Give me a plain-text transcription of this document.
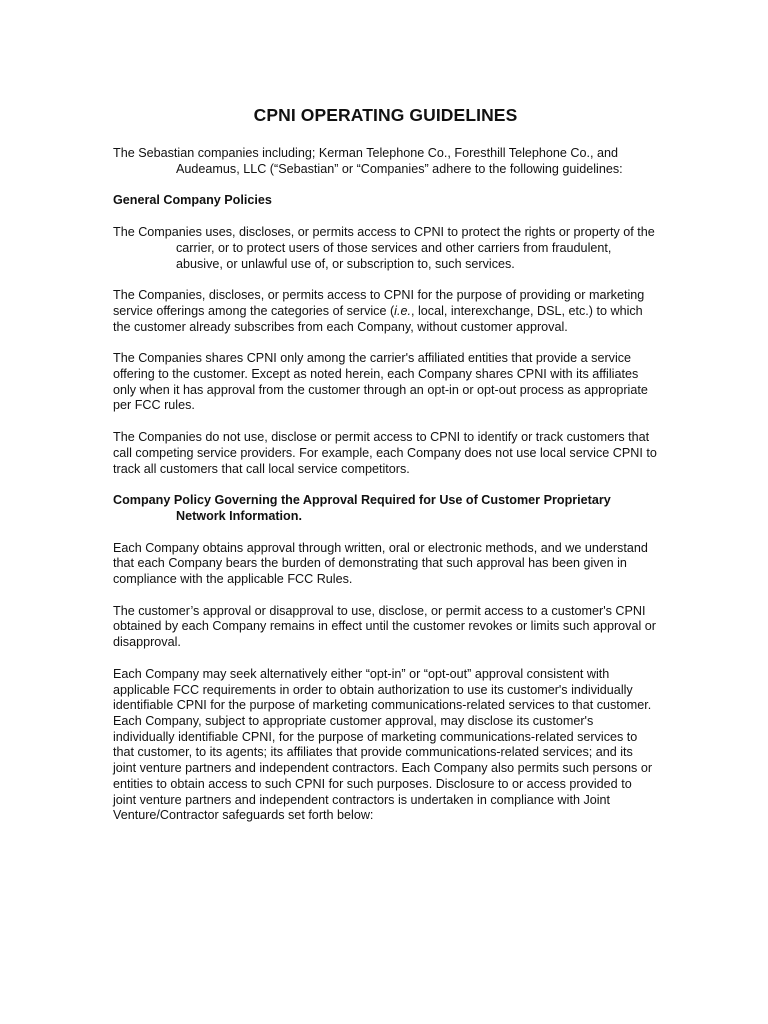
CPNI OPERATING GUIDELINES

The Sebastian companies including; Kerman Telephone Co., Foresthill Telephone Co., and Audeamus, LLC (“Sebastian” or “Companies” adhere to the following guidelines:

General Company Policies

The Companies uses, discloses, or permits access to CPNI to protect the rights or property of the carrier, or to protect users of those services and other carriers from fraudulent, abusive, or unlawful use of, or subscription to, such services.

The Companies, discloses, or permits access to CPNI for the purpose of providing or marketing service offerings among the categories of service (i.e., local, interexchange, DSL, etc.) to which the customer already subscribes from each Company, without customer approval.

The Companies shares CPNI only among the carrier's affiliated entities that provide a service offering to the customer. Except as noted herein, each Company shares CPNI with its affiliates only when it has approval from the customer through an opt-in or opt-out process as appropriate per FCC rules.

The Companies do not use, disclose or permit access to CPNI to identify or track customers that call competing service providers. For example, each Company does not use local service CPNI to track all customers that call local service competitors.

Company Policy Governing the Approval Required for Use of Customer Proprietary Network Information.

Each Company obtains approval through written, oral or electronic methods, and we understand that each Company bears the burden of demonstrating that such approval has been given in compliance with the applicable FCC Rules.

The customer’s approval or disapproval to use, disclose, or permit access to a customer's CPNI obtained by each Company remains in effect until the customer revokes or limits such approval or disapproval.

Each Company may seek alternatively either “opt-in” or “opt-out” approval consistent with applicable FCC requirements in order to obtain authorization to use its customer's individually identifiable CPNI for the purpose of marketing communications-related services to that customer. Each Company, subject to appropriate customer approval, may disclose its customer's individually identifiable CPNI, for the purpose of marketing communications-related services to that customer, to its agents; its affiliates that provide communications-related services; and its joint venture partners and independent contractors. Each Company also permits such persons or entities to obtain access to such CPNI for such purposes. Disclosure to or access provided to joint venture partners and independent contractors is undertaken in compliance with Joint Venture/Contractor safeguards set forth below:
